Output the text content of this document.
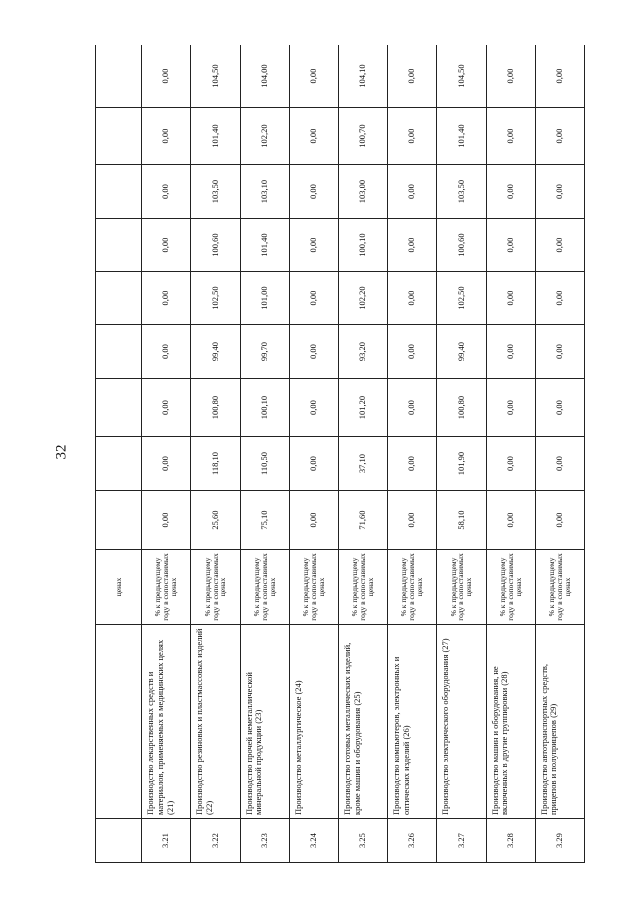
32
		ценах									
3.21	Производство лекарственных средств и материалов, применяемых в медицинских целях (21)	% к предыдущему году в сопоставимых ценах	0,00	0,00	0,00	0,00	0,00	0,00	0,00	0,00	0,00
3.22	Производство резиновых и пластмассовых изделий (22)	% к предыдущему году в сопоставимых ценах	25,60	118,10	100,80	99,40	102,50	100,60	103,50	101,40	104,50
3.23	Производство прочей неметаллической минеральной продукции (23)	% к предыдущему году в сопоставимых ценах	75,10	110,50	100,10	99,70	101,00	101,40	103,10	102,20	104,00
3.24	Производство металлургическое (24)	% к предыдущему году в сопоставимых ценах	0,00	0,00	0,00	0,00	0,00	0,00	0,00	0,00	0,00
3.25	Производство готовых металлических изделий, кроме машин и оборудования (25)	% к предыдущему году в сопоставимых ценах	71,60	37,10	101,20	93,20	102,20	100,10	103,00	100,70	104,10
3.26	Производство компьютеров, электронных и оптических изделий (26)	% к предыдущему году в сопоставимых ценах	0,00	0,00	0,00	0,00	0,00	0,00	0,00	0,00	0,00
3.27	Производство электрического оборудования (27)	% к предыдущему году в сопоставимых ценах	58,10	101,90	100,80	99,40	102,50	100,60	103,50	101,40	104,50
3.28	Производство машин и оборудования, не включенных в другие группировки (28)	% к предыдущему году в сопоставимых ценах	0,00	0,00	0,00	0,00	0,00	0,00	0,00	0,00	0,00
3.29	Производство автотранспортных средств, прицепов и полуприцепов (29)	% к предыдущему году в сопоставимых ценах	0,00	0,00	0,00	0,00	0,00	0,00	0,00	0,00	0,00
